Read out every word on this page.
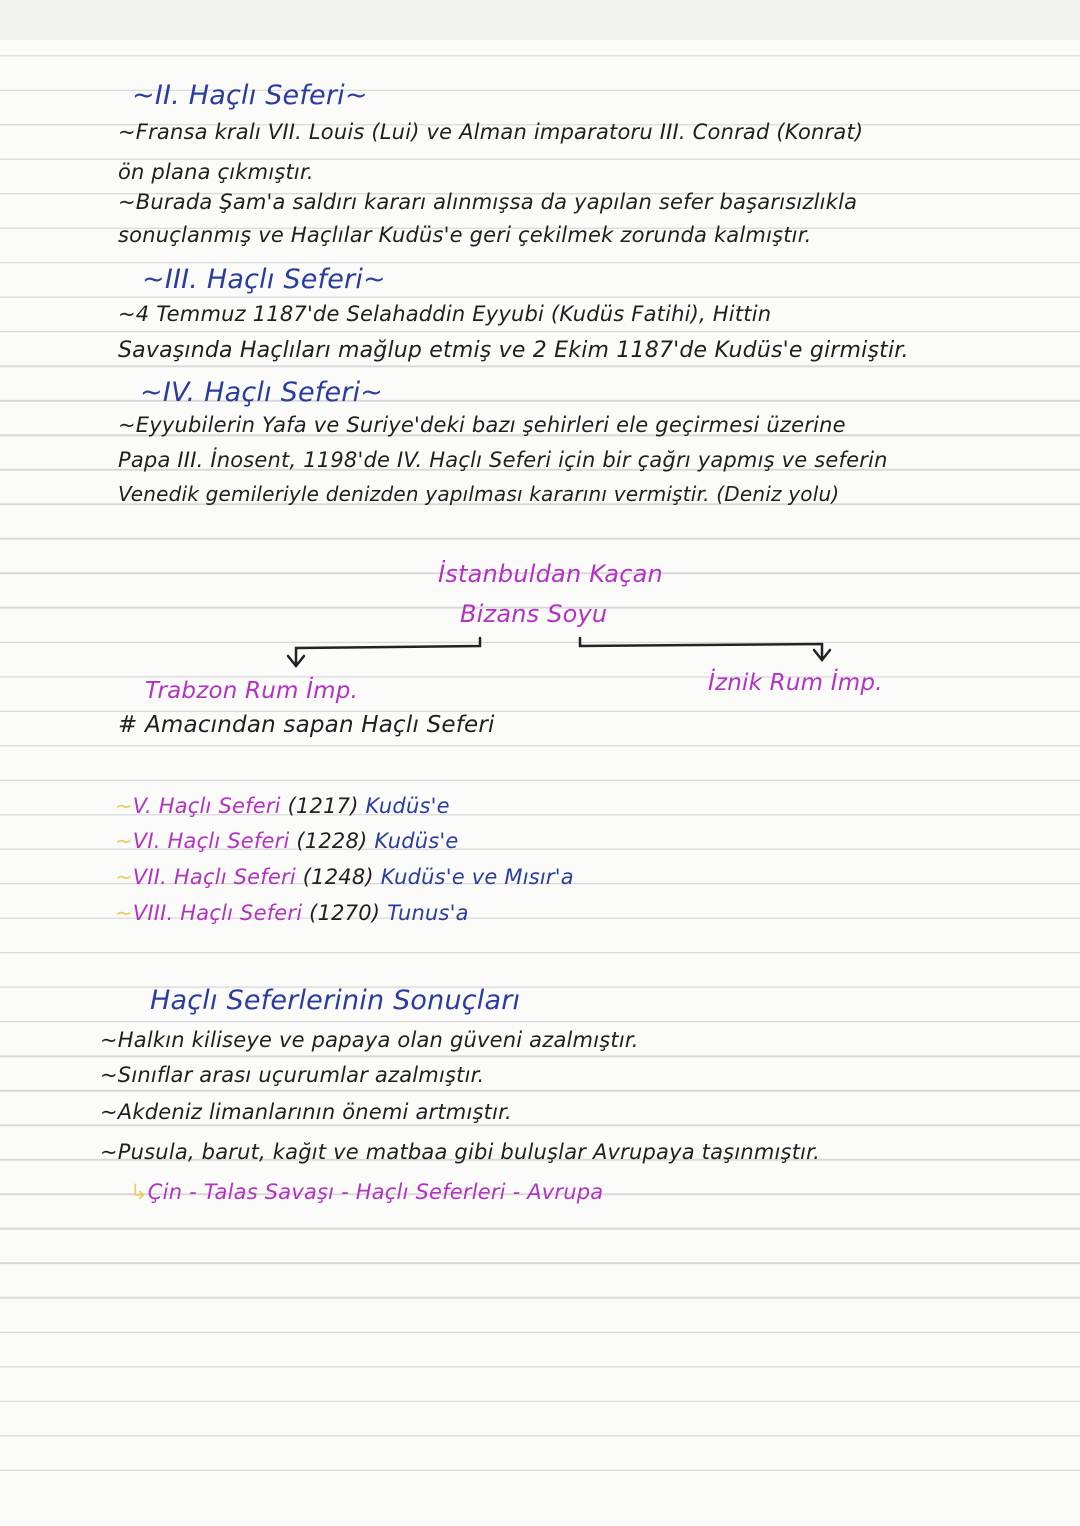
~II. Haçlı Seferi~
~Fransa kralı VII. Louis (Lui) ve Alman imparatoru III. Conrad (Konrat)
ön plana çıkmıştır.
~Burada Şam'a saldırı kararı alınmışsa da yapılan sefer başarısızlıkla
sonuçlanmış ve Haçlılar Kudüs'e geri çekilmek zorunda kalmıştır.
~III. Haçlı Seferi~
~4 Temmuz 1187'de Selahaddin Eyyubi (Kudüs Fatihi), Hittin
Savaşında Haçlıları mağlup etmiş ve 2 Ekim 1187'de Kudüs'e girmiştir.
~IV. Haçlı Seferi~
~Eyyubilerin Yafa ve Suriye'deki bazı şehirleri ele geçirmesi üzerine
Papa III. İnosent, 1198'de IV. Haçlı Seferi için bir çağrı yapmış ve seferin
Venedik gemileriyle denizden yapılması kararını vermiştir. (Deniz yolu)
İstanbuldan Kaçan
Bizans Soyu
Trabzon Rum İmp.	İznik Rum İmp.
# Amacından sapan Haçlı Seferi
~V. Haçlı Seferi (1217) Kudüs'e
~VI. Haçlı Seferi (1228) Kudüs'e
~VII. Haçlı Seferi (1248) Kudüs'e ve Mısır'a
~VIII. Haçlı Seferi (1270) Tunus'a
Haçlı Seferlerinin Sonuçları
~Halkın kiliseye ve papaya olan güveni azalmıştır.
~Sınıflar arası uçurumlar azalmıştır.
~Akdeniz limanlarının önemi artmıştır.
~Pusula, barut, kağıt ve matbaa gibi buluşlar Avrupaya taşınmıştır.
↳Çin - Talas Savaşı - Haçlı Seferleri - Avrupa
